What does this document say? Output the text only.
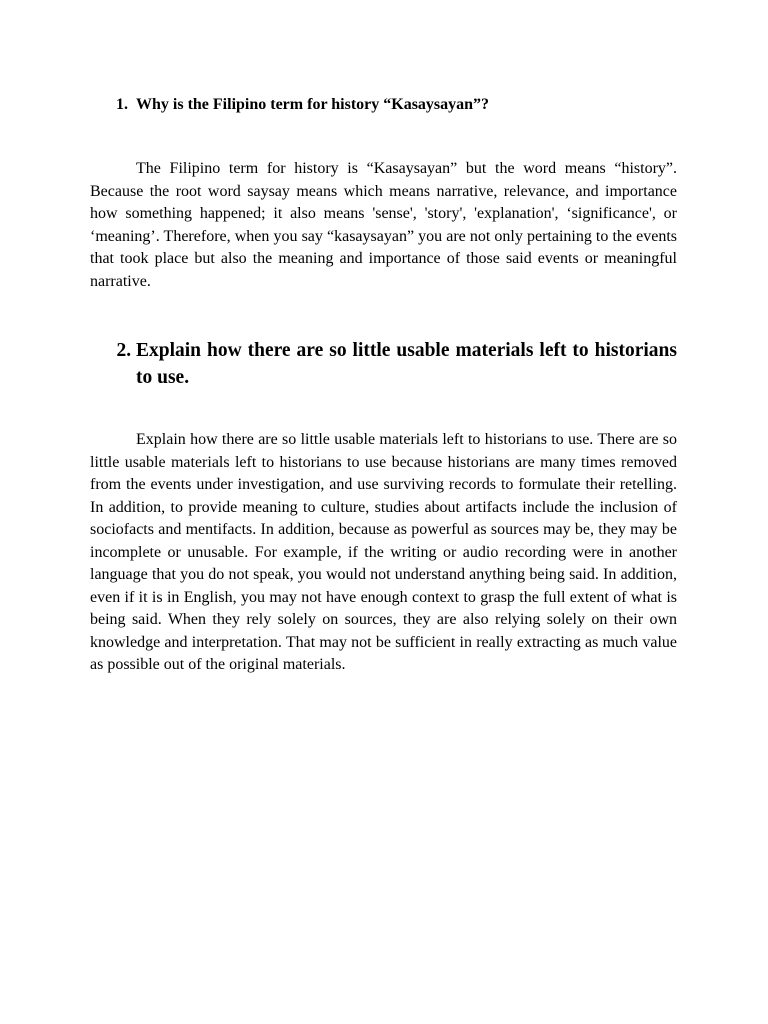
1. Why is the Filipino term for history “Kasaysayan”?

The Filipino term for history is “Kasaysayan” but the word means “history”. Because the root word saysay means which means narrative, relevance, and importance how something happened; it also means 'sense', 'story', 'explanation', ‘significance', or ‘meaning’. Therefore, when you say “kasaysayan” you are not only pertaining to the events that took place but also the meaning and importance of those said events or meaningful narrative.

2. Explain how there are so little usable materials left to historians to use.

Explain how there are so little usable materials left to historians to use. There are so little usable materials left to historians to use because historians are many times removed from the events under investigation, and use surviving records to formulate their retelling. In addition, to provide meaning to culture, studies about artifacts include the inclusion of sociofacts and mentifacts. In addition, because as powerful as sources may be, they may be incomplete or unusable. For example, if the writing or audio recording were in another language that you do not speak, you would not understand anything being said. In addition, even if it is in English, you may not have enough context to grasp the full extent of what is being said. When they rely solely on sources, they are also relying solely on their own knowledge and interpretation. That may not be sufficient in really extracting as much value as possible out of the original materials.
